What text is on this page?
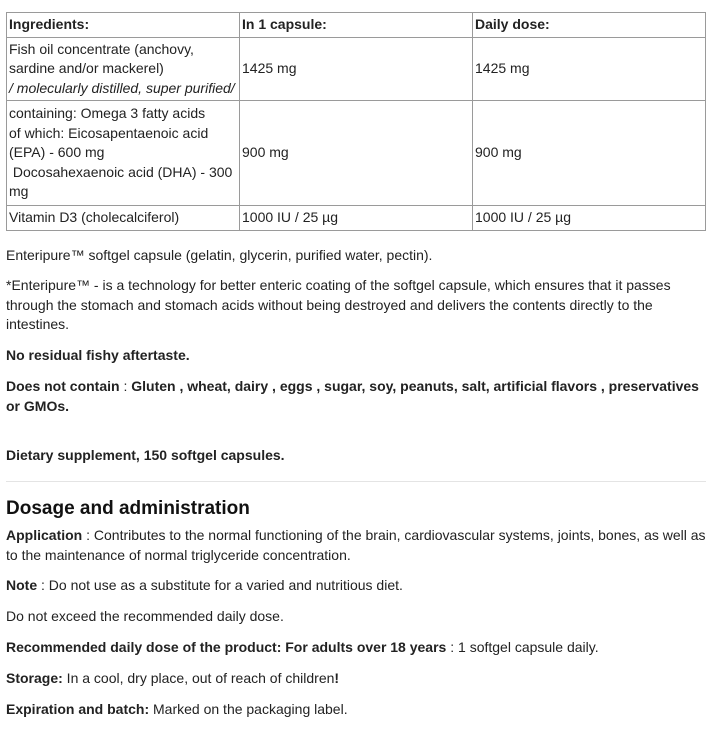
Ingredients:	In 1 capsule:	Daily dose:

Fish oil concentrate (anchovy,
sardine and/or mackerel)
/ molecularly distilled, super purified/	1425 mg	1425 mg

containing: Omega 3 fatty acids
of which: Eicosapentaenoic acid
(EPA) - 600 mg
Docosahexaenoic acid (DHA) - 300
mg	900 mg	900 mg

Vitamin D3 (cholecalciferol)	1000 IU / 25 µg	1000 IU / 25 µg

Enteripure™ softgel capsule (gelatin, glycerin, purified water, pectin).

*Enteripure™ - is a technology for better enteric coating of the softgel capsule, which ensures that it passes through the stomach and stomach acids without being destroyed and delivers the contents directly to the intestines.

No residual fishy aftertaste.

Does not contain : Gluten , wheat, dairy , eggs , sugar, soy, peanuts, salt, artificial flavors , preservatives or GMOs.

Dietary supplement, 150 softgel capsules.

Dosage and administration

Application : Contributes to the normal functioning of the brain, cardiovascular systems, joints, bones, as well as to the maintenance of normal triglyceride concentration.

Note : Do not use as a substitute for a varied and nutritious diet.

Do not exceed the recommended daily dose.

Recommended daily dose of the product: For adults over 18 years : 1 softgel capsule daily.

Storage: In a cool, dry place, out of reach of children!

Expiration and batch: Marked on the packaging label.
